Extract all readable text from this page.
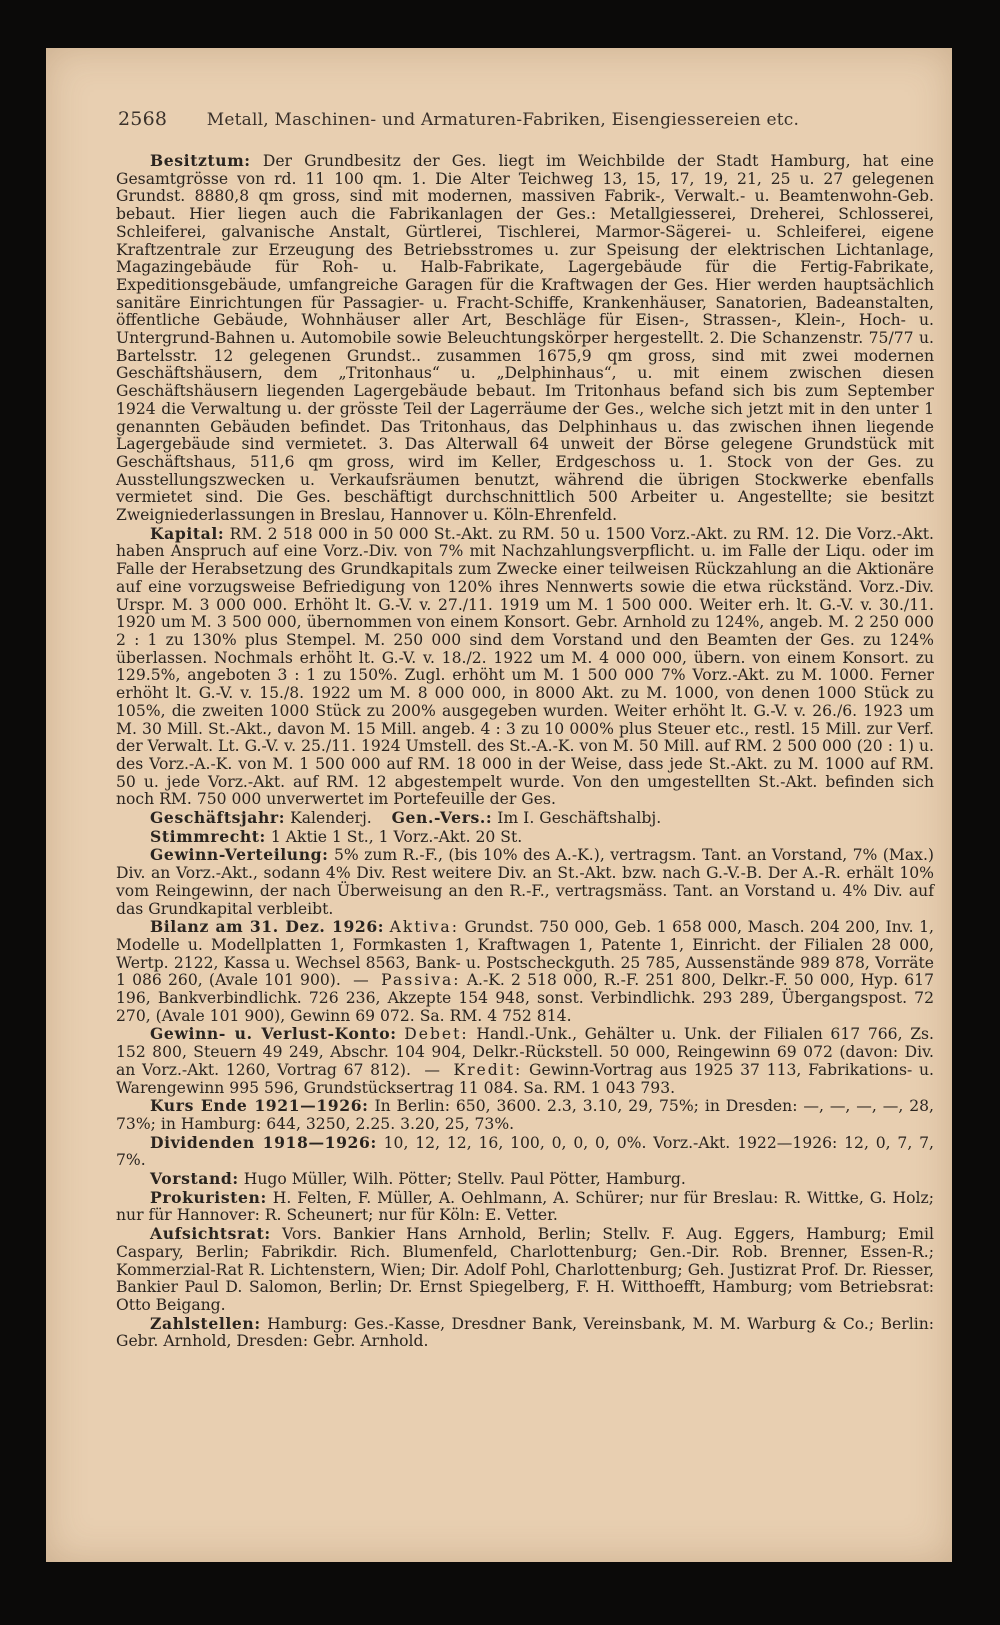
2568 Metall, Maschinen- und Armaturen-Fabriken, Eisengiessereien etc.

Besitztum: Der Grundbesitz der Ges. liegt im Weichbilde der Stadt Hamburg, hat eine Gesamtgrösse von rd. 11 100 qm. 1. Die Alter Teichweg 13, 15, 17, 19, 21, 25 u. 27 gelegenen Grundst. 8880,8 qm gross, sind mit modernen, massiven Fabrik-, Verwalt.- u. Beamtenwohn-Geb. bebaut. Hier liegen auch die Fabrikanlagen der Ges.: Metallgiesserei, Dreherei, Schlosserei, Schleiferei, galvanische Anstalt, Gürtlerei, Tischlerei, Marmor-Sägerei- u. Schleiferei, eigene Kraftzentrale zur Erzeugung des Betriebsstromes u. zur Speisung der elektrischen Lichtanlage, Magazingebäude für Roh- u. Halb-Fabrikate, Lagergebäude für die Fertig-Fabrikate, Expeditionsgebäude, umfangreiche Garagen für die Kraftwagen der Ges. Hier werden hauptsächlich sanitäre Einrichtungen für Passagier- u. Fracht-Schiffe, Krankenhäuser, Sanatorien, Badeanstalten, öffentliche Gebäude, Wohnhäuser aller Art, Beschläge für Eisen-, Strassen-, Klein-, Hoch- u. Untergrund-Bahnen u. Automobile sowie Beleuchtungskörper hergestellt. 2. Die Schanzenstr. 75/77 u. Bartelsstr. 12 gelegenen Grundst.. zusammen 1675,9 qm gross, sind mit zwei modernen Geschäftshäusern, dem „Tritonhaus“ u. „Delphinhaus“, u. mit einem zwischen diesen Geschäftshäusern liegenden Lagergebäude bebaut. Im Tritonhaus befand sich bis zum September 1924 die Verwaltung u. der grösste Teil der Lagerräume der Ges., welche sich jetzt mit in den unter 1 genannten Gebäuden befindet. Das Tritonhaus, das Delphinhaus u. das zwischen ihnen liegende Lagergebäude sind vermietet. 3. Das Alterwall 64 unweit der Börse gelegene Grundstück mit Geschäftshaus, 511,6 qm gross, wird im Keller, Erdgeschoss u. 1. Stock von der Ges. zu Ausstellungszwecken u. Verkaufsräumen benutzt, während die übrigen Stockwerke ebenfalls vermietet sind. Die Ges. beschäftigt durchschnittlich 500 Arbeiter u. Angestellte; sie besitzt Zweigniederlassungen in Breslau, Hannover u. Köln-Ehrenfeld.

Kapital: RM. 2 518 000 in 50 000 St.-Akt. zu RM. 50 u. 1500 Vorz.-Akt. zu RM. 12. Die Vorz.-Akt. haben Anspruch auf eine Vorz.-Div. von 7% mit Nachzahlungsverpflicht. u. im Falle der Liqu. oder im Falle der Herabsetzung des Grundkapitals zum Zwecke einer teilweisen Rückzahlung an die Aktionäre auf eine vorzugsweise Befriedigung von 120% ihres Nennwerts sowie die etwa rückständ. Vorz.-Div. Urspr. M. 3 000 000. Erhöht lt. G.-V. v. 27./11. 1919 um M. 1 500 000. Weiter erh. lt. G.-V. v. 30./11. 1920 um M. 3 500 000, übernommen von einem Konsort. Gebr. Arnhold zu 124%, angeb. M. 2 250 000 2 : 1 zu 130% plus Stempel. M. 250 000 sind dem Vorstand und den Beamten der Ges. zu 124% überlassen. Nochmals erhöht lt. G.-V. v. 18./2. 1922 um M. 4 000 000, übern. von einem Konsort. zu 129.5%, angeboten 3 : 1 zu 150%. Zugl. erhöht um M. 1 500 000 7% Vorz.-Akt. zu M. 1000. Ferner erhöht lt. G.-V. v. 15./8. 1922 um M. 8 000 000, in 8000 Akt. zu M. 1000, von denen 1000 Stück zu 105%, die zweiten 1000 Stück zu 200% ausgegeben wurden. Weiter erhöht lt. G.-V. v. 26./6. 1923 um M. 30 Mill. St.-Akt., davon M. 15 Mill. angeb. 4 : 3 zu 10 000% plus Steuer etc., restl. 15 Mill. zur Verf. der Verwalt. Lt. G.-V. v. 25./11. 1924 Umstell. des St.-A.-K. von M. 50 Mill. auf RM. 2 500 000 (20 : 1) u. des Vorz.-A.-K. von M. 1 500 000 auf RM. 18 000 in der Weise, dass jede St.-Akt. zu M. 1000 auf RM. 50 u. jede Vorz.-Akt. auf RM. 12 abgestempelt wurde. Von den umgestellten St.-Akt. befinden sich noch RM. 750 000 unverwertet im Portefeuille der Ges.

Geschäftsjahr: Kalenderj. Gen.-Vers.: Im I. Geschäftshalbj.

Stimmrecht: 1 Aktie 1 St., 1 Vorz.-Akt. 20 St.

Gewinn-Verteilung: 5% zum R.-F., (bis 10% des A.-K.), vertragsm. Tant. an Vorstand, 7% (Max.) Div. an Vorz.-Akt., sodann 4% Div. Rest weitere Div. an St.-Akt. bzw. nach G.-V.-B. Der A.-R. erhält 10% vom Reingewinn, der nach Überweisung an den R.-F., vertragsmäss. Tant. an Vorstand u. 4% Div. auf das Grundkapital verbleibt.

Bilanz am 31. Dez. 1926: Aktiva: Grundst. 750 000, Geb. 1 658 000, Masch. 204 200, Inv. 1, Modelle u. Modellplatten 1, Formkasten 1, Kraftwagen 1, Patente 1, Einricht. der Filialen 28 000, Wertp. 2122, Kassa u. Wechsel 8563, Bank- u. Postscheckguth. 25 785, Aussenstände 989 878, Vorräte 1 086 260, (Avale 101 900).  —  Passiva: A.-K. 2 518 000, R.-F. 251 800, Delkr.-F. 50 000, Hyp. 617 196, Bankverbindlichk. 726 236, Akzepte 154 948, sonst. Verbindlichk. 293 289, Übergangspost. 72 270, (Avale 101 900), Gewinn 69 072. Sa. RM. 4 752 814.

Gewinn- u. Verlust-Konto: Debet: Handl.-Unk., Gehälter u. Unk. der Filialen 617 766, Zs. 152 800, Steuern 49 249, Abschr. 104 904, Delkr.-Rückstell. 50 000, Reingewinn 69 072 (davon: Div. an Vorz.-Akt. 1260, Vortrag 67 812).  —  Kredit: Gewinn-Vortrag aus 1925 37 113, Fabrikations- u. Warengewinn 995 596, Grundstücksertrag 11 084. Sa. RM. 1 043 793.

Kurs Ende 1921—1926: In Berlin: 650, 3600. 2.3, 3.10, 29, 75%; in Dresden: —, —, —, —, 28, 73%; in Hamburg: 644, 3250, 2.25. 3.20, 25, 73%.

Dividenden 1918—1926: 10, 12, 12, 16, 100, 0, 0, 0, 0%. Vorz.-Akt. 1922—1926: 12, 0, 7, 7, 7%.

Vorstand: Hugo Müller, Wilh. Pötter; Stellv. Paul Pötter, Hamburg.

Prokuristen: H. Felten, F. Müller, A. Oehlmann, A. Schürer; nur für Breslau: R. Wittke, G. Holz; nur für Hannover: R. Scheunert; nur für Köln: E. Vetter.

Aufsichtsrat: Vors. Bankier Hans Arnhold, Berlin; Stellv. F. Aug. Eggers, Hamburg; Emil Caspary, Berlin; Fabrikdir. Rich. Blumenfeld, Charlottenburg; Gen.-Dir. Rob. Brenner, Essen-R.; Kommerzial-Rat R. Lichtenstern, Wien; Dir. Adolf Pohl, Charlottenburg; Geh. Justizrat Prof. Dr. Riesser, Bankier Paul D. Salomon, Berlin; Dr. Ernst Spiegelberg, F. H. Witthoefft, Hamburg; vom Betriebsrat: Otto Beigang.

Zahlstellen: Hamburg: Ges.-Kasse, Dresdner Bank, Vereinsbank, M. M. Warburg & Co.; Berlin: Gebr. Arnhold, Dresden: Gebr. Arnhold.
